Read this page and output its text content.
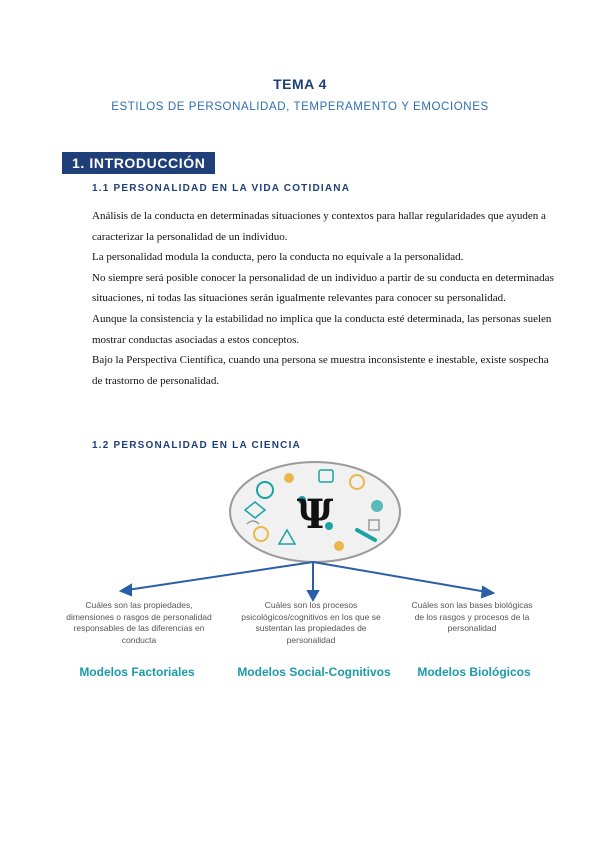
TEMA 4
ESTILOS DE PERSONALIDAD, TEMPERAMENTO Y EMOCIONES
1. INTRODUCCIÓN
1.1 PERSONALIDAD EN LA VIDA COTIDIANA

Análisis de la conducta en determinadas situaciones y contextos para hallar regularidades que ayuden a caracterizar la personalidad de un individuo.

La personalidad modula la conducta, pero la conducta no equivale a la personalidad.

No siempre será posible conocer la personalidad de un individuo a partir de su conducta en determinadas situaciones, ni todas las situaciones serán igualmente relevantes para conocer su personalidad.

Aunque la consistencia y la estabilidad no implica que la conducta esté determinada, las personas suelen mostrar conductas asociadas a estos conceptos.

Bajo la Perspectiva Científica, cuando una persona se muestra inconsistente e inestable, existe sospecha de trastorno de personalidad.

1.2 PERSONALIDAD EN LA CIENCIA
Ψ
Cuáles son las propiedades, dimensiones o rasgos de personalidad responsables de las diferencias en conducta
Cuáles son los procesos psicológicos/cognitivos en los que se sustentan las propiedades de personalidad
Cuáles son las bases biológicas de los rasgos y procesos de la personalidad
Modelos Factoriales	Modelos Social-Cognitivos	Modelos Biológicos
